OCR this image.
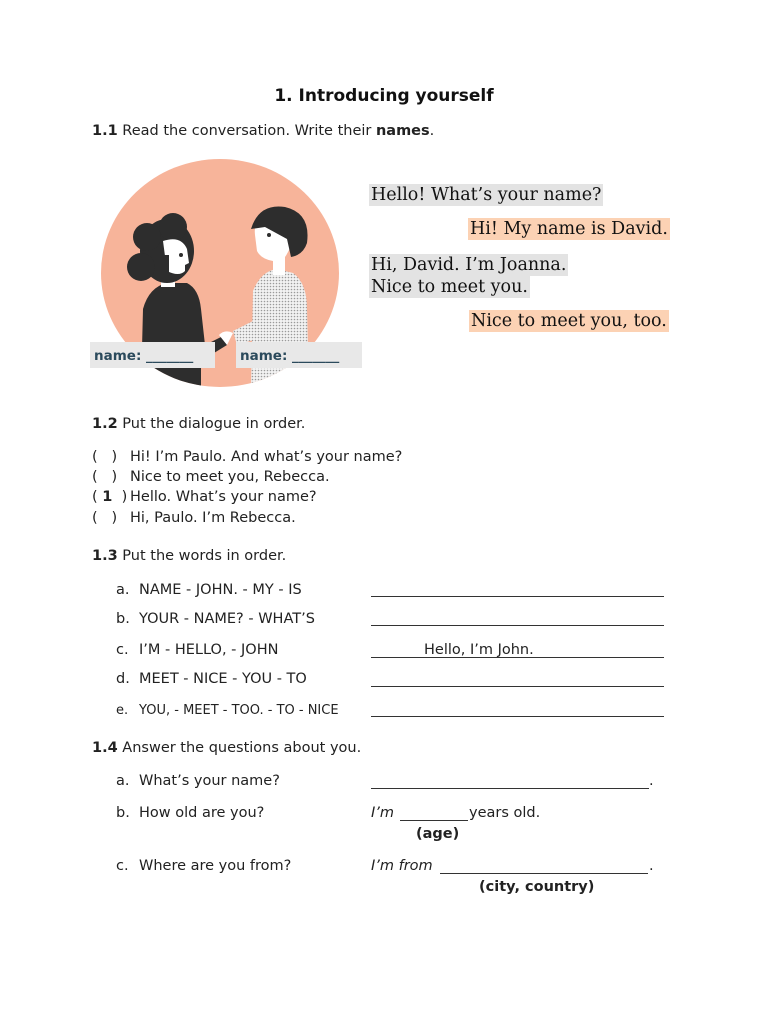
1. Introducing yourself
1.1 Read the conversation. Write their names.
name: _______	name: _______
Hello! What’s your name?
Hi! My name is David.
Hi, David. I’m Joanna.
Nice to meet you.
Nice to meet you, too.
1.2 Put the dialogue in order.
(   ) Hi! I’m Paulo. And what’s your name?
(   ) Nice to meet you, Rebecca.
( 1 ) Hello. What’s your name?
(   ) Hi, Paulo. I’m Rebecca.
1.3 Put the words in order.
a. NAME - JOHN. - MY - IS
b. YOUR - NAME? - WHAT’S
c. I’M - HELLO, - JOHN	Hello, I’m John.
d. MEET - NICE - YOU - TO
e. YOU, - MEET - TOO. - TO - NICE
1.4 Answer the questions about you.
a. What’s your name?	.
b. How old are you?	I’m	years old.
(age)
c. Where are you from?	I’m from	.
(city, country)
